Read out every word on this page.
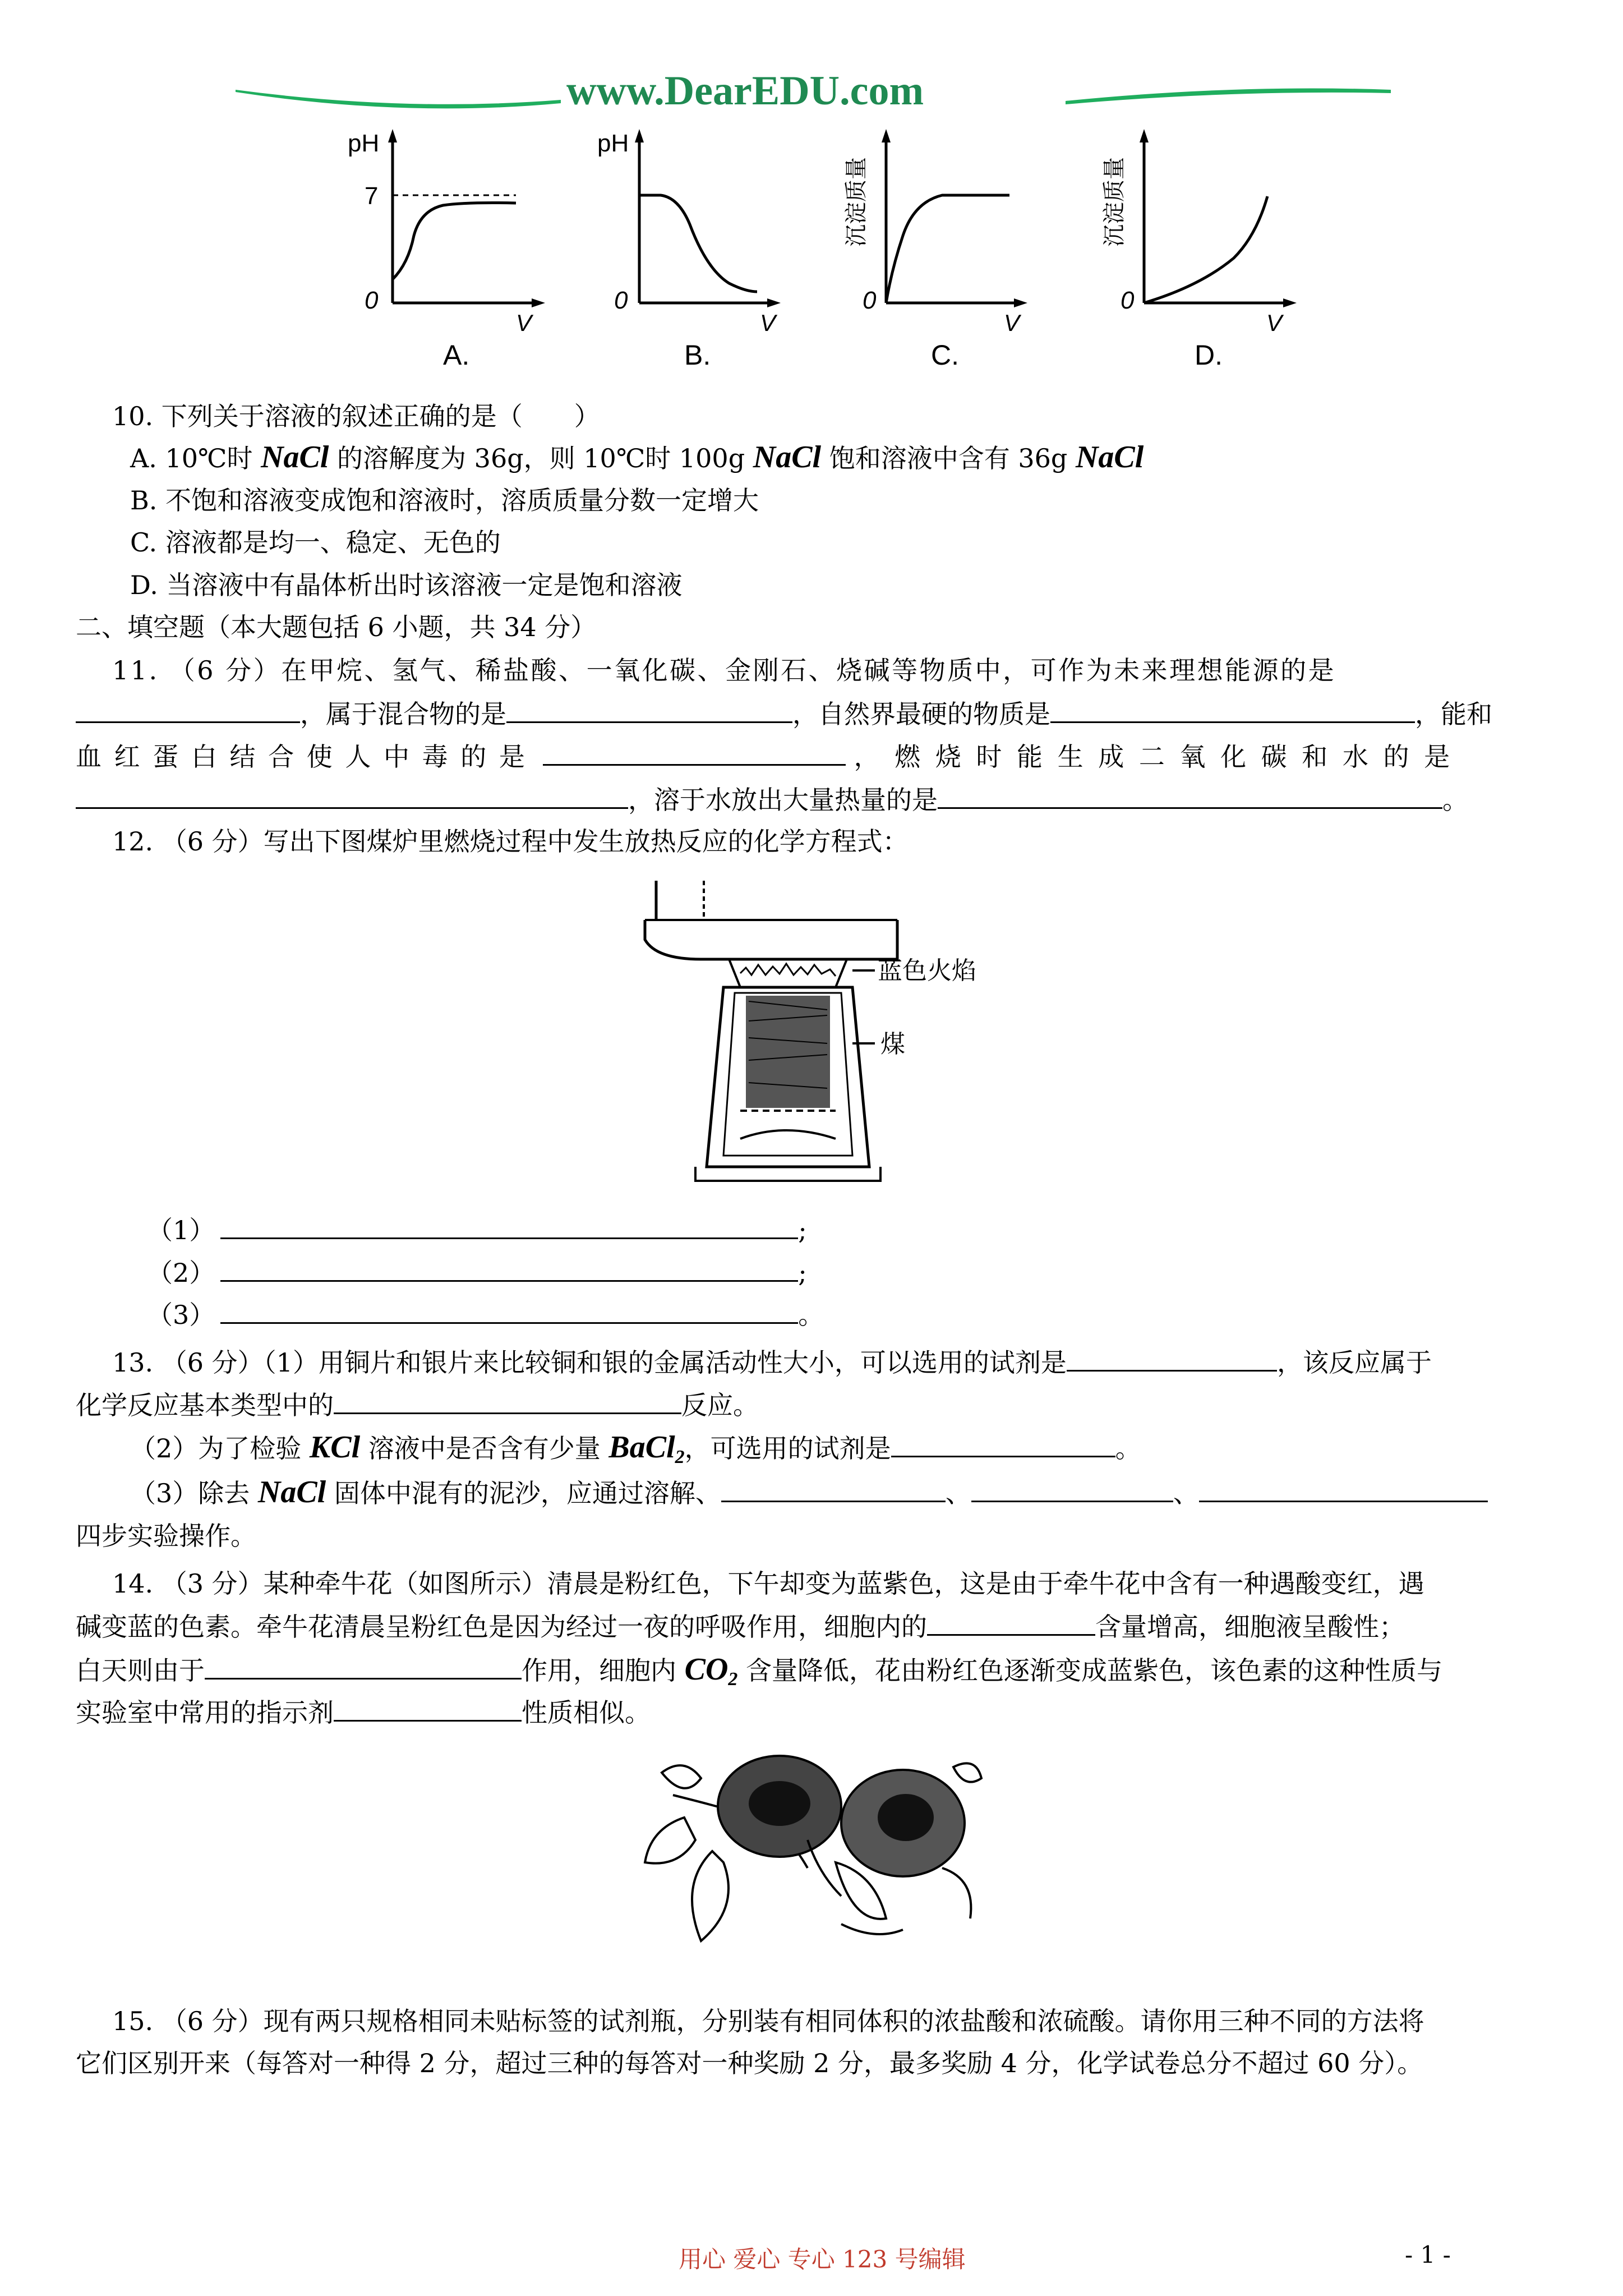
www.DearEDU.com
pH
7
0
V
A.
pH
0
V
B.
沉淀质量
0
V
C.
沉淀质量
0
V
D.
10. 下列关于溶液的叙述正确的是（　　）
A. 10℃时 NaCl 的溶解度为 36g，则 10℃时 100g NaCl 饱和溶液中含有 36g NaCl
B. 不饱和溶液变成饱和溶液时，溶质质量分数一定增大
C. 溶液都是均一、稳定、无色的
D. 当溶液中有晶体析出时该溶液一定是饱和溶液
二、填空题（本大题包括 6 小题，共 34 分）
11. （6 分）在甲烷、氢气、稀盐酸、一氧化碳、金刚石、烧碱等物质中，可作为未来理想能源的是
，属于混合物的是	，自然界最硬的物质是	，能和
血 红 蛋 白 结 合 使 人 中 毒 的 是	， 燃 烧 时 能 生 成 二 氧 化 碳 和 水 的 是
，溶于水放出大量热量的是	。
12. （6 分）写出下图煤炉里燃烧过程中发生放热反应的化学方程式：
蓝色火焰
煤
（1）	;
（2）	;
（3）	。
13. （6 分）（1）用铜片和银片来比较铜和银的金属活动性大小，可以选用的试剂是	，该反应属于
化学反应基本类型中的	反应。
（2）为了检验 KCl 溶液中是否含有少量 BaCl$_2$，可选用的试剂是	。
（3）除去 NaCl 固体中混有的泥沙，应通过溶解、	、	、
四步实验操作。
14. （3 分）某种牵牛花（如图所示）清晨是粉红色，下午却变为蓝紫色，这是由于牵牛花中含有一种遇酸变红，遇
碱变蓝的色素。牵牛花清晨呈粉红色是因为经过一夜的呼吸作用，细胞内的	含量增高，细胞液呈酸性；
白天则由于	作用，细胞内 $CO_2$ 含量降低，花由粉红色逐渐变成蓝紫色，该色素的这种性质与
实验室中常用的指示剂	性质相似。
15. （6 分）现有两只规格相同未贴标签的试剂瓶，分别装有相同体积的浓盐酸和浓硫酸。请你用三种不同的方法将
它们区别开来（每答对一种得 2 分，超过三种的每答对一种奖励 2 分，最多奖励 4 分，化学试卷总分不超过 60 分）。
用心 爱心 专心 123 号编辑	- 1 -
